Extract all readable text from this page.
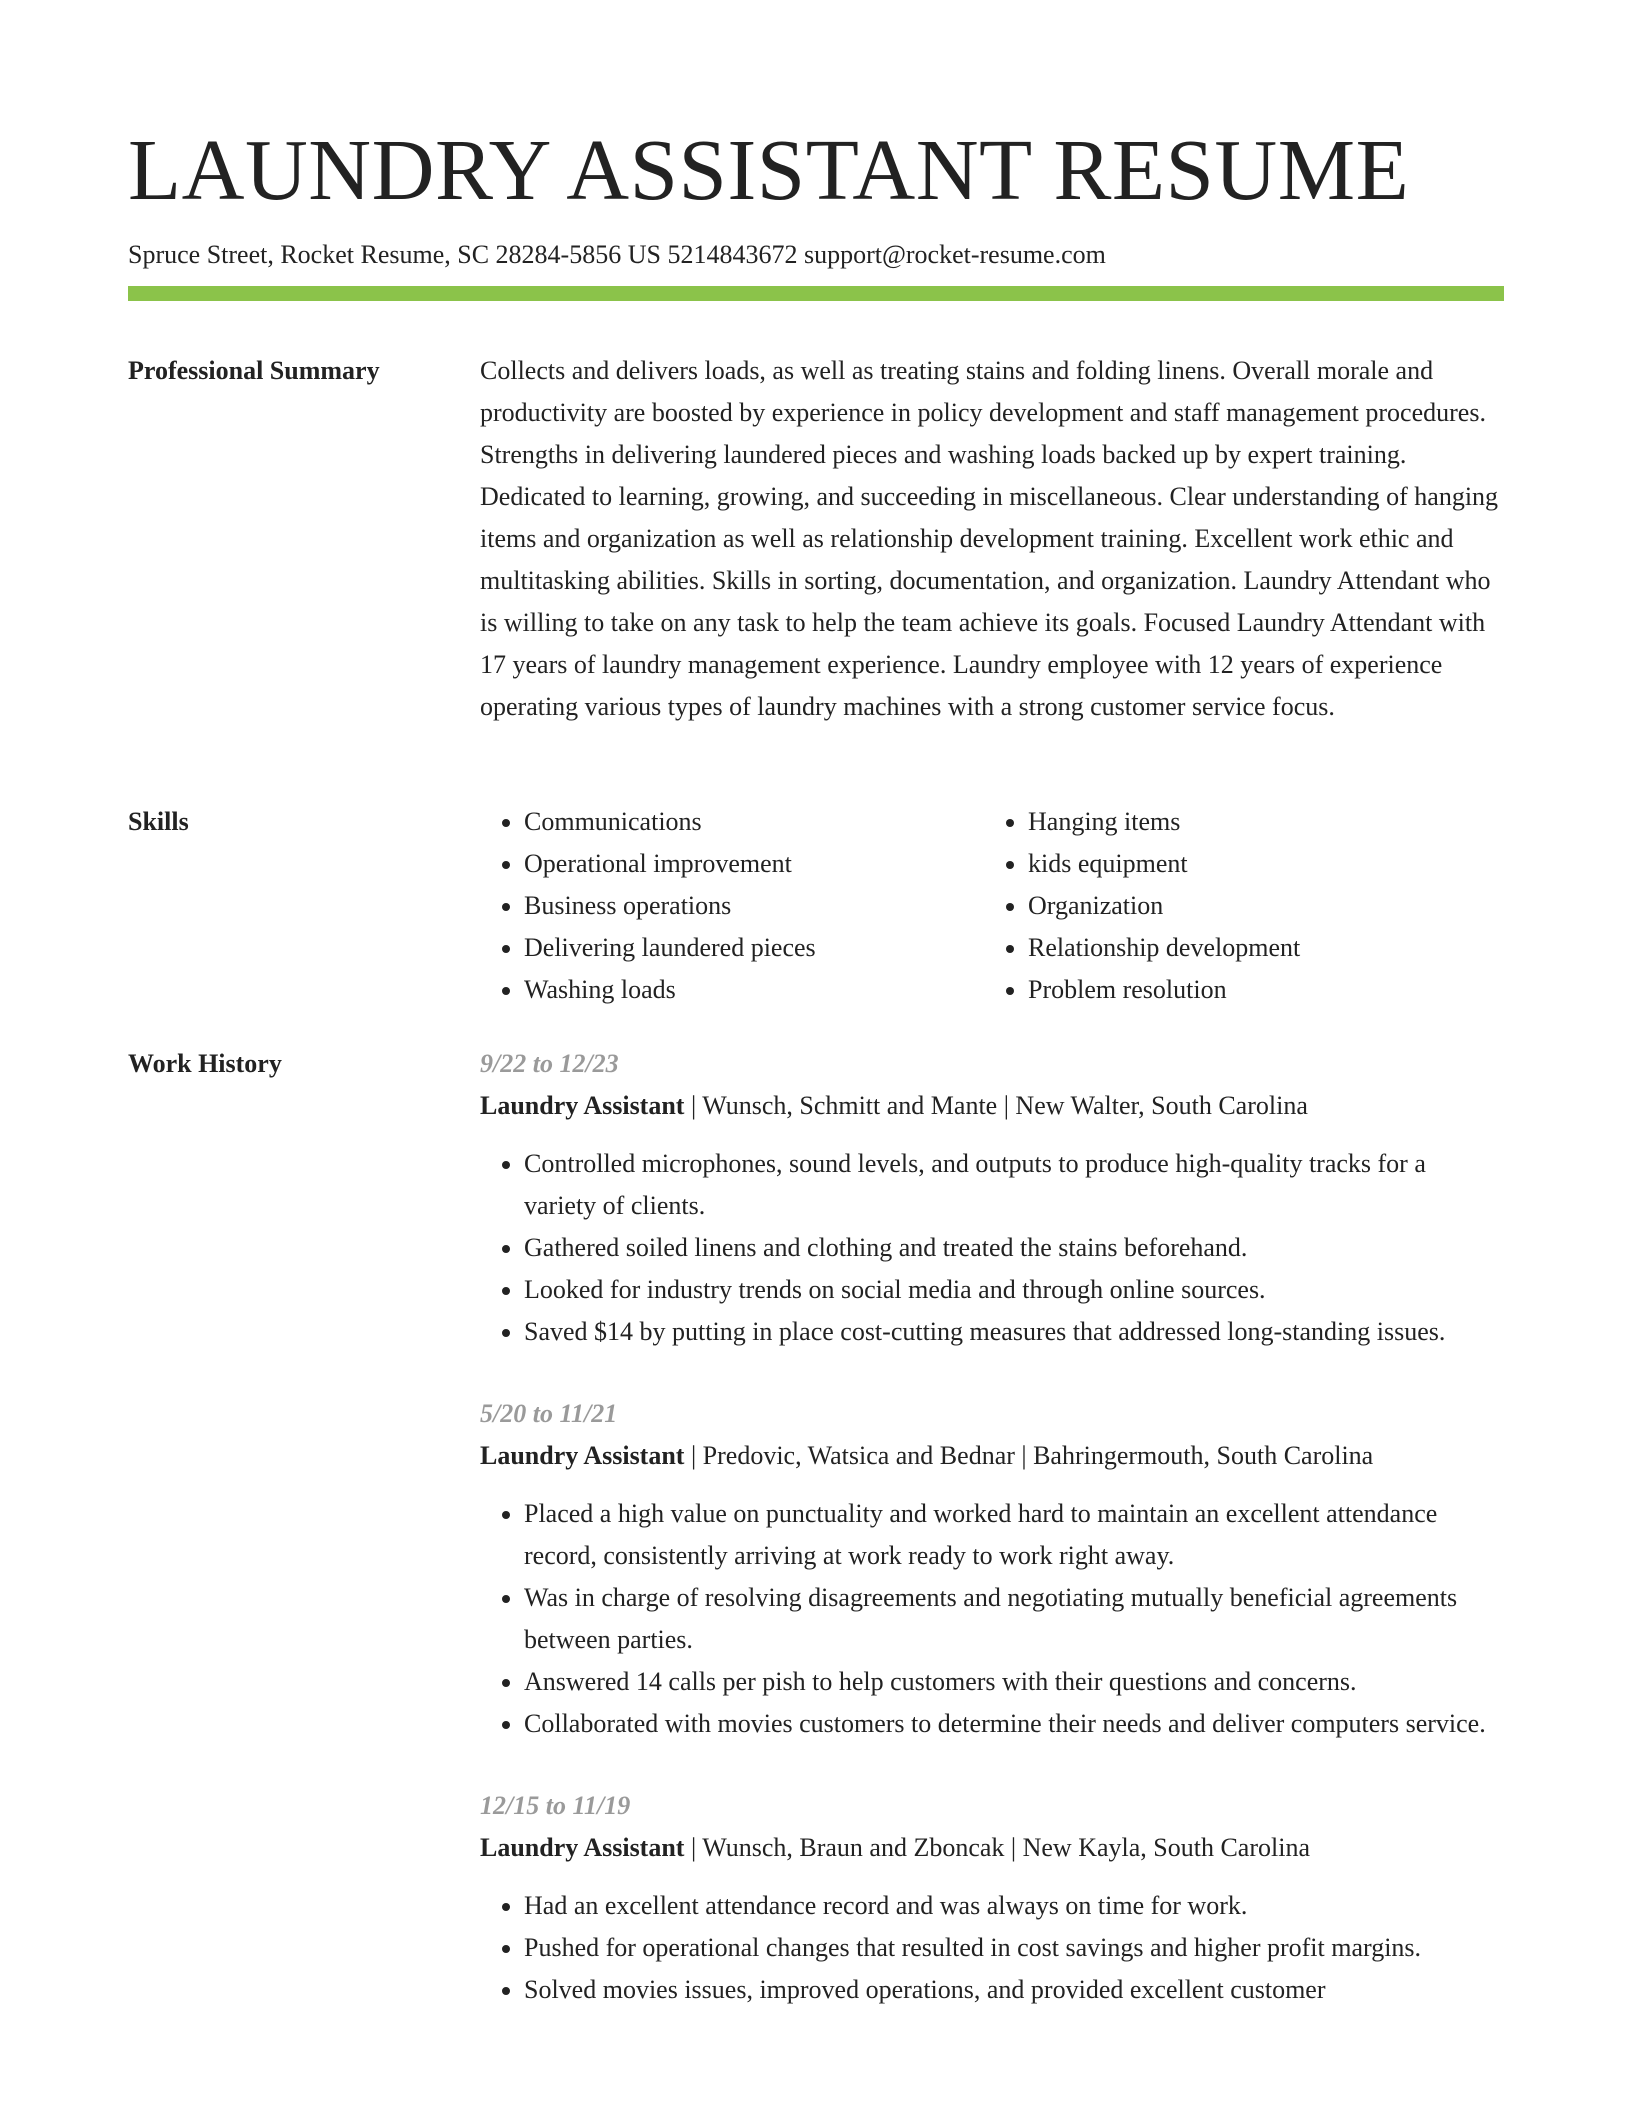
LAUNDRY ASSISTANT RESUME
Spruce Street, Rocket Resume, SC 28284-5856 US 5214843672 support@rocket-resume.com
Professional Summary	Collects and delivers loads, as well as treating stains and folding linens. Overall morale and productivity are boosted by experience in policy development and staff management procedures. Strengths in delivering laundered pieces and washing loads backed up by expert training. Dedicated to learning, growing, and succeeding in miscellaneous. Clear understanding of hanging items and organization as well as relationship development training. Excellent work ethic and multitasking abilities. Skills in sorting, documentation, and organization. Laundry Attendant who is willing to take on any task to help the team achieve its goals. Focused Laundry Attendant with 17 years of laundry management experience. Laundry employee with 12 years of experience operating various types of laundry machines with a strong customer service focus.

Skills
•	Communications
• Operational improvement
• Business operations
• Delivering laundered pieces
• Washing loads
• Hanging items
• kids equipment
• Organization
• Relationship development
• Problem resolution
Work History	9/22 to 12/23
Laundry Assistant | Wunsch, Schmitt and Mante | New Walter, South Carolina
• Controlled microphones, sound levels, and outputs to produce high-quality tracks for a variety of clients.
• Gathered soiled linens and clothing and treated the stains beforehand.
• Looked for industry trends on social media and through online sources.
• Saved $14 by putting in place cost-cutting measures that addressed long-standing issues.
5/20 to 11/21
Laundry Assistant | Predovic, Watsica and Bednar | Bahringermouth, South Carolina
• Placed a high value on punctuality and worked hard to maintain an excellent attendance record, consistently arriving at work ready to work right away.
• Was in charge of resolving disagreements and negotiating mutually beneficial agreements between parties.
• Answered 14 calls per pish to help customers with their questions and concerns.
• Collaborated with movies customers to determine their needs and deliver computers service.
12/15 to 11/19
Laundry Assistant | Wunsch, Braun and Zboncak | New Kayla, South Carolina
• Had an excellent attendance record and was always on time for work.
• Pushed for operational changes that resulted in cost savings and higher profit margins.
• Solved movies issues, improved operations, and provided excellent customer
